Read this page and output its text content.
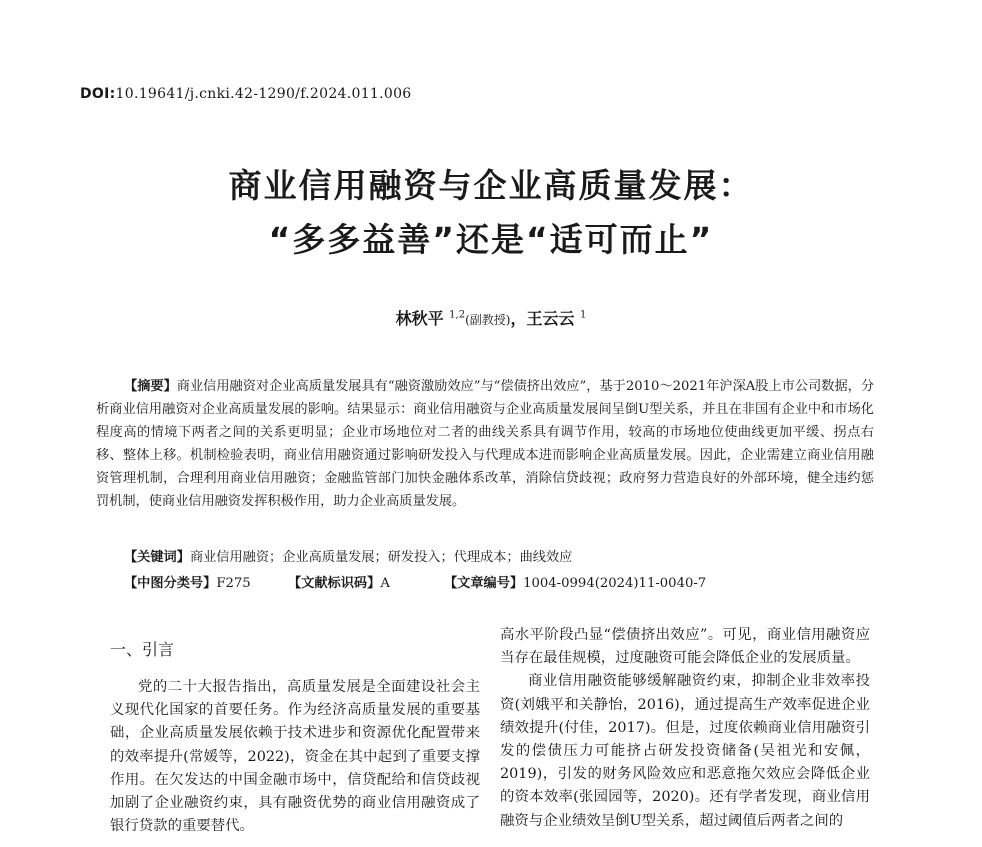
DOI:10.19641/j.cnki.42-1290/f.2024.011.006
商业信用融资与企业高质量发展：
“多多益善”还是“适可而止”
林秋平 $^{1,2}$(副教授)，王云云 $^1$
【摘要】商业信用融资对企业高质量发展具有“融资激励效应”与“偿债挤出效应”，基于2010～2021年沪深A股上市公司数据，分析商业信用融资对企业高质量发展的影响。结果显示：商业信用融资与企业高质量发展间呈倒U型关系，并且在非国有企业中和市场化程度高的情境下两者之间的关系更明显；企业市场地位对二者的曲线关系具有调节作用，较高的市场地位使曲线更加平缓、拐点右移、整体上移。机制检验表明，商业信用融资通过影响研发投入与代理成本进而影响企业高质量发展。因此，企业需建立商业信用融资管理机制，合理利用商业信用融资；金融监管部门加快金融体系改革，消除信贷歧视；政府努力营造良好的外部环境，健全违约惩罚机制，使商业信用融资发挥积极作用，助力企业高质量发展。
【关键词】商业信用融资；企业高质量发展；研发投入；代理成本；曲线效应
【中图分类号】F275	【文献标识码】A	【文章编号】1004-0994(2024)11-0040-7
一、引言

党的二十大报告指出，高质量发展是全面建设社会主义现代化国家的首要任务。作为经济高质量发展的重要基础，企业高质量发展依赖于技术进步和资源优化配置带来的效率提升(常媛等，2022)，资金在其中起到了重要支撑作用。在欠发达的中国金融市场中，信贷配给和信贷歧视加剧了企业融资约束，具有融资优势的商业信用融资成了银行贷款的重要替代。

高水平阶段凸显“偿债挤出效应”。可见，商业信用融资应当存在最佳规模，过度融资可能会降低企业的发展质量。

商业信用融资能够缓解融资约束，抑制企业非效率投资(刘娥平和关静怡，2016)，通过提高生产效率促进企业绩效提升(付佳，2017)。但是，过度依赖商业信用融资引发的偿债压力可能挤占研发投资储备(吴祖光和安佩，2019)，引发的财务风险效应和恶意拖欠效应会降低企业的资本效率(张园园等，2020)。还有学者发现，商业信用融资与企业绩效呈倒U型关系，超过阈值后两者之间的
